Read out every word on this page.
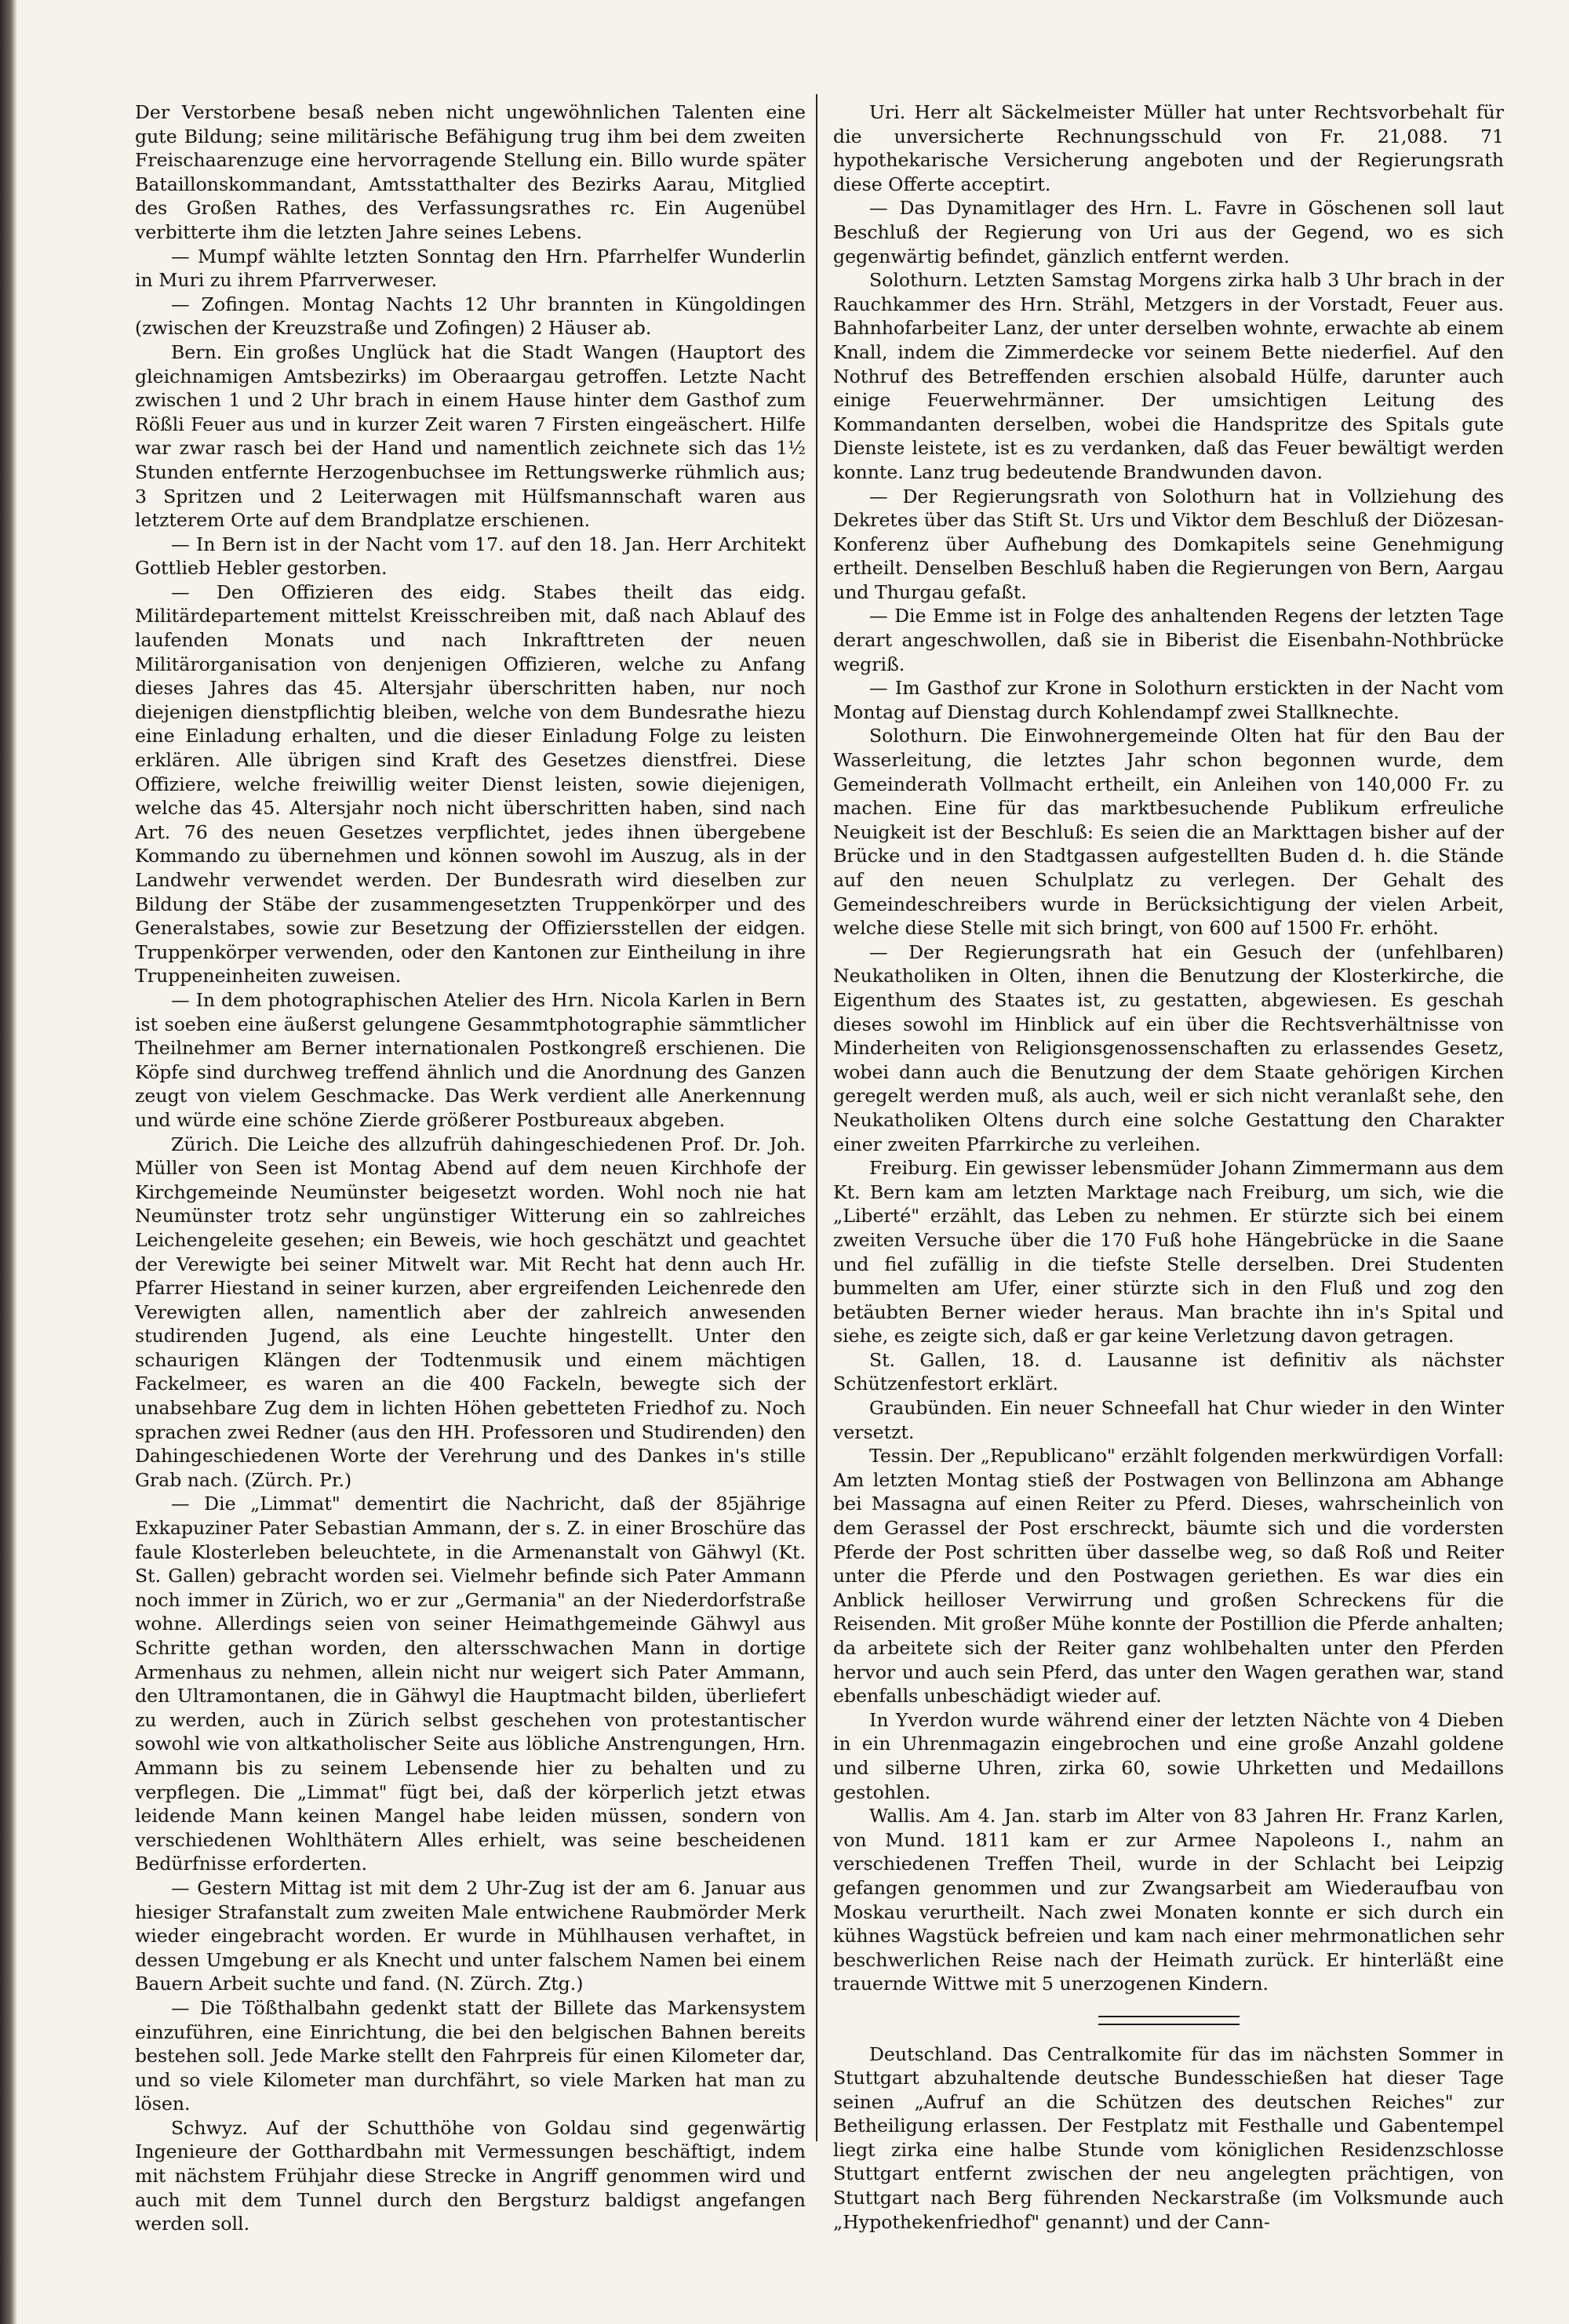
Der Verstorbene besaß neben nicht ungewöhnlichen Talenten eine gute Bildung; seine militärische Befähigung trug ihm bei dem zweiten Freischaarenzuge eine hervorragende Stellung ein. Billo wurde später Bataillonskommandant, Amtsstatthalter des Bezirks Aarau, Mitglied des Großen Rathes, des Verfassungsrathes rc. Ein Augenübel verbitterte ihm die letzten Jahre seines Lebens.

— Mumpf wählte letzten Sonntag den Hrn. Pfarrhelfer Wunderlin in Muri zu ihrem Pfarrverweser.

— Zofingen. Montag Nachts 12 Uhr brannten in Küngoldingen (zwischen der Kreuzstraße und Zofingen) 2 Häuser ab.

Bern. Ein großes Unglück hat die Stadt Wangen (Hauptort des gleichnamigen Amtsbezirks) im Oberaargau getroffen. Letzte Nacht zwischen 1 und 2 Uhr brach in einem Hause hinter dem Gasthof zum Rößli Feuer aus und in kurzer Zeit waren 7 Firsten eingeäschert. Hilfe war zwar rasch bei der Hand und namentlich zeichnete sich das 1½ Stunden entfernte Herzogenbuchsee im Rettungswerke rühmlich aus; 3 Spritzen und 2 Leiterwagen mit Hülfsmannschaft waren aus letzterem Orte auf dem Brandplatze erschienen.

— In Bern ist in der Nacht vom 17. auf den 18. Jan. Herr Architekt Gottlieb Hebler gestorben.

— Den Offizieren des eidg. Stabes theilt das eidg. Militärdepartement mittelst Kreisschreiben mit, daß nach Ablauf des laufenden Monats und nach Inkrafttreten der neuen Militärorganisation von denjenigen Offizieren, welche zu Anfang dieses Jahres das 45. Altersjahr überschritten haben, nur noch diejenigen dienstpflichtig bleiben, welche von dem Bundesrathe hiezu eine Einladung erhalten, und die dieser Einladung Folge zu leisten erklären. Alle übrigen sind Kraft des Gesetzes dienstfrei. Diese Offiziere, welche freiwillig weiter Dienst leisten, sowie diejenigen, welche das 45. Altersjahr noch nicht überschritten haben, sind nach Art. 76 des neuen Gesetzes verpflichtet, jedes ihnen übergebene Kommando zu übernehmen und können sowohl im Auszug, als in der Landwehr verwendet werden. Der Bundesrath wird dieselben zur Bildung der Stäbe der zusammengesetzten Truppenkörper und des Generalstabes, sowie zur Besetzung der Offiziersstellen der eidgen. Truppenkörper verwenden, oder den Kantonen zur Eintheilung in ihre Truppeneinheiten zuweisen.

— In dem photographischen Atelier des Hrn. Nicola Karlen in Bern ist soeben eine äußerst gelungene Gesammtphotographie sämmtlicher Theilnehmer am Berner internationalen Postkongreß erschienen. Die Köpfe sind durchweg treffend ähnlich und die Anordnung des Ganzen zeugt von vielem Geschmacke. Das Werk verdient alle Anerkennung und würde eine schöne Zierde größerer Postbureaux abgeben.

Zürich. Die Leiche des allzufrüh dahingeschiedenen Prof. Dr. Joh. Müller von Seen ist Montag Abend auf dem neuen Kirchhofe der Kirchgemeinde Neumünster beigesetzt worden. Wohl noch nie hat Neumünster trotz sehr ungünstiger Witterung ein so zahlreiches Leichengeleite gesehen; ein Beweis, wie hoch geschätzt und geachtet der Verewigte bei seiner Mitwelt war. Mit Recht hat denn auch Hr. Pfarrer Hiestand in seiner kurzen, aber ergreifenden Leichenrede den Verewigten allen, namentlich aber der zahlreich anwesenden studirenden Jugend, als eine Leuchte hingestellt. Unter den schaurigen Klängen der Todtenmusik und einem mächtigen Fackelmeer, es waren an die 400 Fackeln, bewegte sich der unabsehbare Zug dem in lichten Höhen gebetteten Friedhof zu. Noch sprachen zwei Redner (aus den HH. Professoren und Studirenden) den Dahingeschiedenen Worte der Verehrung und des Dankes in's stille Grab nach. (Zürch. Pr.)

— Die „Limmat" dementirt die Nachricht, daß der 85jährige Exkapuziner Pater Sebastian Ammann, der s. Z. in einer Broschüre das faule Klosterleben beleuchtete, in die Armenanstalt von Gähwyl (Kt. St. Gallen) gebracht worden sei. Vielmehr befinde sich Pater Ammann noch immer in Zürich, wo er zur „Germania" an der Niederdorfstraße wohne. Allerdings seien von seiner Heimathgemeinde Gähwyl aus Schritte gethan worden, den altersschwachen Mann in dortige Armenhaus zu nehmen, allein nicht nur weigert sich Pater Ammann, den Ultramontanen, die in Gähwyl die Hauptmacht bilden, überliefert zu werden, auch in Zürich selbst geschehen von protestantischer sowohl wie von altkatholischer Seite aus löbliche Anstrengungen, Hrn. Ammann bis zu seinem Lebensende hier zu behalten und zu verpflegen. Die „Limmat" fügt bei, daß der körperlich jetzt etwas leidende Mann keinen Mangel habe leiden müssen, sondern von verschiedenen Wohlthätern Alles erhielt, was seine bescheidenen Bedürfnisse erforderten.

— Gestern Mittag ist mit dem 2 Uhr-Zug ist der am 6. Januar aus hiesiger Strafanstalt zum zweiten Male entwichene Raubmörder Merk wieder eingebracht worden. Er wurde in Mühlhausen verhaftet, in dessen Umgebung er als Knecht und unter falschem Namen bei einem Bauern Arbeit suchte und fand. (N. Zürch. Ztg.)

— Die Tößthalbahn gedenkt statt der Billete das Markensystem einzuführen, eine Einrichtung, die bei den belgischen Bahnen bereits bestehen soll. Jede Marke stellt den Fahrpreis für einen Kilometer dar, und so viele Kilometer man durchfährt, so viele Marken hat man zu lösen.

Schwyz. Auf der Schutthöhe von Goldau sind gegenwärtig Ingenieure der Gotthardbahn mit Vermessungen beschäftigt, indem mit nächstem Frühjahr diese Strecke in Angriff genommen wird und auch mit dem Tunnel durch den Bergsturz baldigst angefangen werden soll.

Uri. Herr alt Säckelmeister Müller hat unter Rechtsvorbehalt für die unversicherte Rechnungsschuld von Fr. 21,088. 71 hypothekarische Versicherung angeboten und der Regierungsrath diese Offerte acceptirt.

— Das Dynamitlager des Hrn. L. Favre in Göschenen soll laut Beschluß der Regierung von Uri aus der Gegend, wo es sich gegenwärtig befindet, gänzlich entfernt werden.

Solothurn. Letzten Samstag Morgens zirka halb 3 Uhr brach in der Rauchkammer des Hrn. Strähl, Metzgers in der Vorstadt, Feuer aus. Bahnhofarbeiter Lanz, der unter derselben wohnte, erwachte ab einem Knall, indem die Zimmerdecke vor seinem Bette niederfiel. Auf den Nothruf des Betreffenden erschien alsobald Hülfe, darunter auch einige Feuerwehrmänner. Der umsichtigen Leitung des Kommandanten derselben, wobei die Handspritze des Spitals gute Dienste leistete, ist es zu verdanken, daß das Feuer bewältigt werden konnte. Lanz trug bedeutende Brandwunden davon.

— Der Regierungsrath von Solothurn hat in Vollziehung des Dekretes über das Stift St. Urs und Viktor dem Beschluß der Diözesan-Konferenz über Aufhebung des Domkapitels seine Genehmigung ertheilt. Denselben Beschluß haben die Regierungen von Bern, Aargau und Thurgau gefaßt.

— Die Emme ist in Folge des anhaltenden Regens der letzten Tage derart angeschwollen, daß sie in Biberist die Eisenbahn-Nothbrücke wegriß.

— Im Gasthof zur Krone in Solothurn erstickten in der Nacht vom Montag auf Dienstag durch Kohlendampf zwei Stallknechte.

Solothurn. Die Einwohnergemeinde Olten hat für den Bau der Wasserleitung, die letztes Jahr schon begonnen wurde, dem Gemeinderath Vollmacht ertheilt, ein Anleihen von 140,000 Fr. zu machen. Eine für das marktbesuchende Publikum erfreuliche Neuigkeit ist der Beschluß: Es seien die an Markttagen bisher auf der Brücke und in den Stadtgassen aufgestellten Buden d. h. die Stände auf den neuen Schulplatz zu verlegen. Der Gehalt des Gemeindeschreibers wurde in Berücksichtigung der vielen Arbeit, welche diese Stelle mit sich bringt, von 600 auf 1500 Fr. erhöht.

— Der Regierungsrath hat ein Gesuch der (unfehlbaren) Neukatholiken in Olten, ihnen die Benutzung der Klosterkirche, die Eigenthum des Staates ist, zu gestatten, abgewiesen. Es geschah dieses sowohl im Hinblick auf ein über die Rechtsverhältnisse von Minderheiten von Religionsgenossenschaften zu erlassendes Gesetz, wobei dann auch die Benutzung der dem Staate gehörigen Kirchen geregelt werden muß, als auch, weil er sich nicht veranlaßt sehe, den Neukatholiken Oltens durch eine solche Gestattung den Charakter einer zweiten Pfarrkirche zu verleihen.

Freiburg. Ein gewisser lebensmüder Johann Zimmermann aus dem Kt. Bern kam am letzten Marktage nach Freiburg, um sich, wie die „Liberté" erzählt, das Leben zu nehmen. Er stürzte sich bei einem zweiten Versuche über die 170 Fuß hohe Hängebrücke in die Saane und fiel zufällig in die tiefste Stelle derselben. Drei Studenten bummelten am Ufer, einer stürzte sich in den Fluß und zog den betäubten Berner wieder heraus. Man brachte ihn in's Spital und siehe, es zeigte sich, daß er gar keine Verletzung davon getragen.

St. Gallen, 18. d. Lausanne ist definitiv als nächster Schützenfestort erklärt.

Graubünden. Ein neuer Schneefall hat Chur wieder in den Winter versetzt.

Tessin. Der „Republicano" erzählt folgenden merkwürdigen Vorfall: Am letzten Montag stieß der Postwagen von Bellinzona am Abhange bei Massagna auf einen Reiter zu Pferd. Dieses, wahrscheinlich von dem Gerassel der Post erschreckt, bäumte sich und die vordersten Pferde der Post schritten über dasselbe weg, so daß Roß und Reiter unter die Pferde und den Postwagen geriethen. Es war dies ein Anblick heilloser Verwirrung und großen Schreckens für die Reisenden. Mit großer Mühe konnte der Postillion die Pferde anhalten; da arbeitete sich der Reiter ganz wohlbehalten unter den Pferden hervor und auch sein Pferd, das unter den Wagen gerathen war, stand ebenfalls unbeschädigt wieder auf.

In Yverdon wurde während einer der letzten Nächte von 4 Dieben in ein Uhrenmagazin eingebrochen und eine große Anzahl goldene und silberne Uhren, zirka 60, sowie Uhrketten und Medaillons gestohlen.

Wallis. Am 4. Jan. starb im Alter von 83 Jahren Hr. Franz Karlen, von Mund. 1811 kam er zur Armee Napoleons I., nahm an verschiedenen Treffen Theil, wurde in der Schlacht bei Leipzig gefangen genommen und zur Zwangsarbeit am Wiederaufbau von Moskau verurtheilt. Nach zwei Monaten konnte er sich durch ein kühnes Wagstück befreien und kam nach einer mehrmonatlichen sehr beschwerlichen Reise nach der Heimath zurück. Er hinterläßt eine trauernde Wittwe mit 5 unerzogenen Kindern.

Deutschland. Das Centralkomite für das im nächsten Sommer in Stuttgart abzuhaltende deutsche Bundesschießen hat dieser Tage seinen „Aufruf an die Schützen des deutschen Reiches" zur Betheiligung erlassen. Der Festplatz mit Festhalle und Gabentempel liegt zirka eine halbe Stunde vom königlichen Residenzschlosse Stuttgart entfernt zwischen der neu angelegten prächtigen, von Stuttgart nach Berg führenden Neckarstraße (im Volksmunde auch „Hypothekenfriedhof" genannt) und der Cann-
